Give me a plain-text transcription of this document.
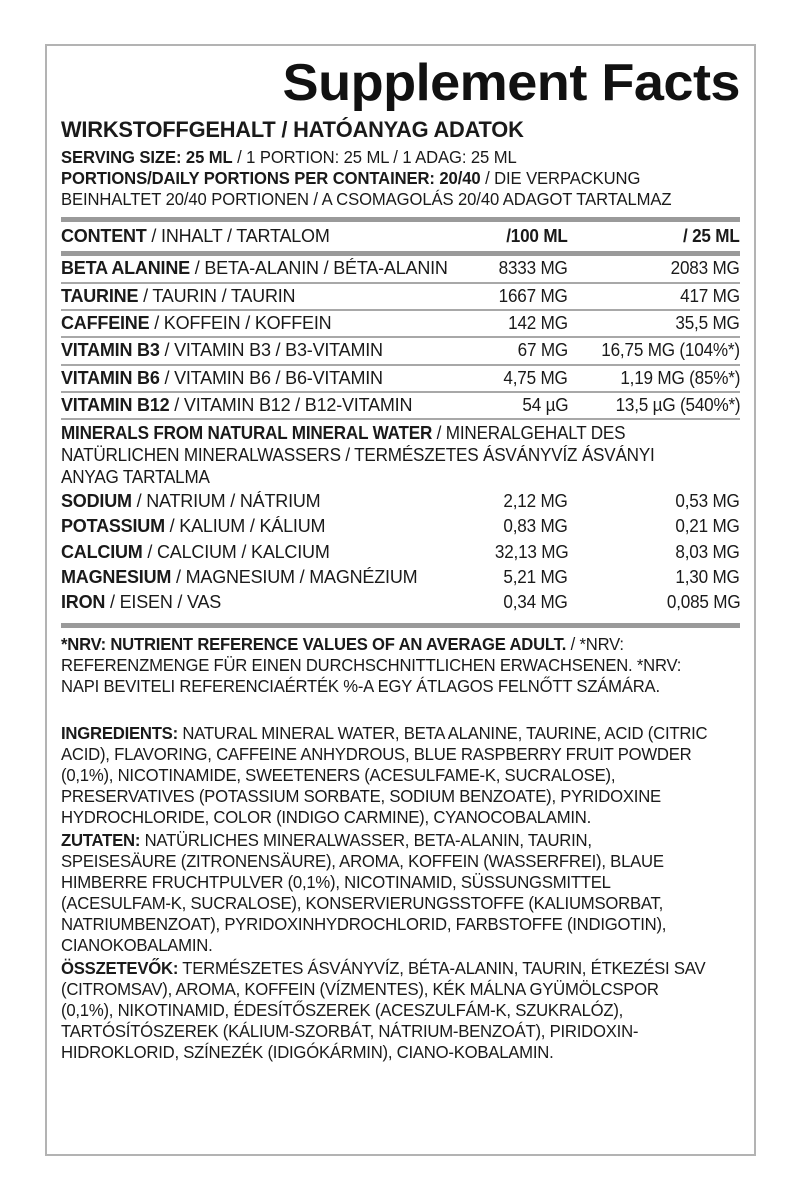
Supplement Facts
WIRKSTOFFGEHALT / HATÓANYAG ADATOK
SERVING SIZE: 25 ML / 1 PORTION: 25 ML / 1 ADAG: 25 ML
PORTIONS/DAILY PORTIONS PER CONTAINER: 20/40 / DIE VERPACKUNG BEINHALTET 20/40 PORTIONEN / A CSOMAGOLÁS 20/40 ADAGOT TARTALMAZ
CONTENT / INHALT / TARTALOM	/100 ML	/ 25 ML

BETA ALANINE / BETA-ALANIN / BÉTA-ALANIN	8333 MG	2083 MG

TAURINE / TAURIN / TAURIN	1667 MG	417 MG

CAFFEINE / KOFFEIN / KOFFEIN	142 MG	35,5 MG

VITAMIN B3 / VITAMIN B3 / B3-VITAMIN	67 MG	16,75 MG (104%*)

VITAMIN B6 / VITAMIN B6 / B6-VITAMIN	4,75 MG	1,19 MG (85%*)

VITAMIN B12 / VITAMIN B12 / B12-VITAMIN	54 µG	13,5 µG (540%*)

MINERALS FROM NATURAL MINERAL WATER / MINERALGEHALT DES NATÜRLICHEN MINERALWASSERS / TERMÉSZETES ÁSVÁNYVÍZ ÁSVÁNYI ANYAG TARTALMA		

SODIUM / NATRIUM / NÁTRIUM	2,12 MG	0,53 MG
POTASSIUM / KALIUM / KÁLIUM	0,83 MG	0,21 MG
CALCIUM / CALCIUM / KALCIUM	32,13 MG	8,03 MG
MAGNESIUM / MAGNESIUM / MAGNÉZIUM	5,21 MG	1,30 MG
IRON / EISEN / VAS	0,34 MG	0,085 MG
*NRV: NUTRIENT REFERENCE VALUES OF AN AVERAGE ADULT. / *NRV: REFERENZMENGE FÜR EINEN DURCHSCHNITTLICHEN ERWACHSENEN. *NRV: NAPI BEVITELI REFERENCIAÉRTÉK %-A EGY ÁTLAGOS FELNŐTT SZÁMÁRA.
INGREDIENTS: NATURAL MINERAL WATER, BETA ALANINE, TAURINE, ACID (CITRIC ACID), FLAVORING, CAFFEINE ANHYDROUS, BLUE RASPBERRY FRUIT POWDER (0,1%), NICOTINAMIDE, SWEETENERS (ACESULFAME-K, SUCRALOSE), PRESERVATIVES (POTASSIUM SORBATE, SODIUM BENZOATE), PYRIDOXINE HYDROCHLORIDE, COLOR (INDIGO CARMINE), CYANOCOBALAMIN.
ZUTATEN: NATÜRLICHES MINERALWASSER, BETA-ALANIN, TAURIN, SPEISESÄURE (ZITRONENSÄURE), AROMA, KOFFEIN (WASSERFREI), BLAUE HIMBERRE FRUCHTPULVER (0,1%), NICOTINAMID, SÜSSUNGSMITTEL (ACESULFAM-K, SUCRALOSE), KONSERVIERUNGSSTOFFE (KALIUMSORBAT, NATRIUMBENZOAT), PYRIDOXINHYDROCHLORID, FARBSTOFFE (INDIGOTIN), CIANOKOBALAMIN.
ÖSSZETEVŐK: TERMÉSZETES ÁSVÁNYVÍZ, BÉTA-ALANIN, TAURIN, ÉTKEZÉSI SAV (CITROMSAV), AROMA, KOFFEIN (VÍZMENTES), KÉK MÁLNA GYÜMÖLCSPOR (0,1%), NIKOTINAMID, ÉDESÍTŐSZEREK (ACESZULFÁM-K, SZUKRALÓZ), TARTÓSÍTÓSZEREK (KÁLIUM-SZORBÁT, NÁTRIUM-BENZOÁT), PIRIDOXIN-HIDROKLORID, SZÍNEZÉK (IDIGÓKÁRMIN), CIANO-KOBALAMIN.
